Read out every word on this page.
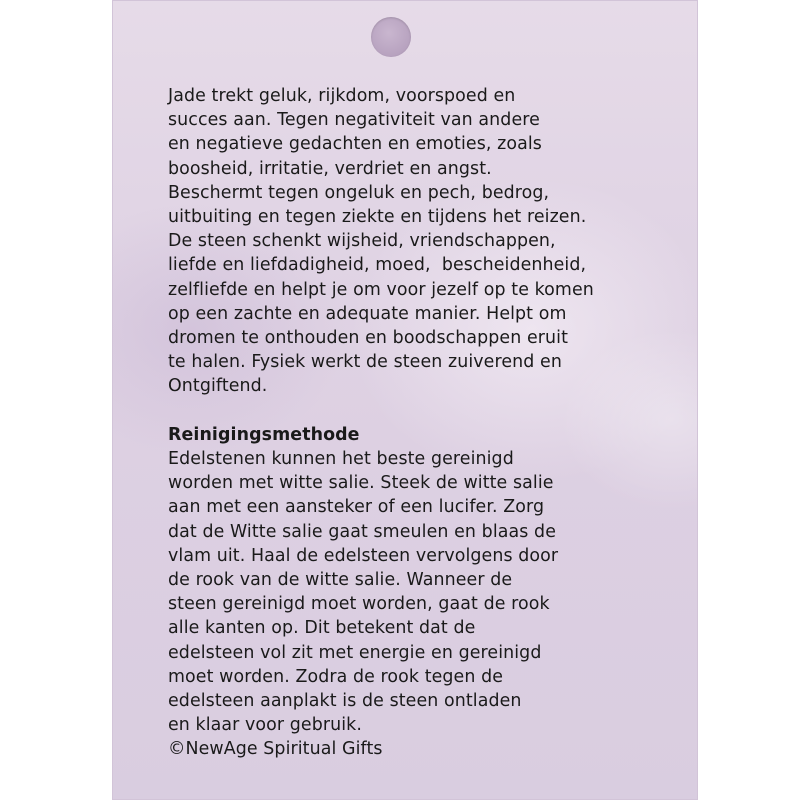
Jade trekt geluk, rijkdom, voorspoed en
succes aan. Tegen negativiteit van andere
en negatieve gedachten en emoties, zoals
boosheid, irritatie, verdriet en angst.
Beschermt tegen ongeluk en pech, bedrog,
uitbuiting en tegen ziekte en tijdens het reizen.
De steen schenkt wijsheid, vriendschappen,
liefde en liefdadigheid, moed,  bescheidenheid,
zelfliefde en helpt je om voor jezelf op te komen
op een zachte en adequate manier. Helpt om
dromen te onthouden en boodschappen eruit
te halen. Fysiek werkt de steen zuiverend en
Ontgiftend.
Reinigingsmethode
Edelstenen kunnen het beste gereinigd
worden met witte salie. Steek de witte salie
aan met een aansteker of een lucifer. Zorg
dat de Witte salie gaat smeulen en blaas de
vlam uit. Haal de edelsteen vervolgens door
de rook van de witte salie. Wanneer de
steen gereinigd moet worden, gaat de rook
alle kanten op. Dit betekent dat de
edelsteen vol zit met energie en gereinigd
moet worden. Zodra de rook tegen de
edelsteen aanplakt is de steen ontladen
en klaar voor gebruik.
©NewAge Spiritual Gifts
